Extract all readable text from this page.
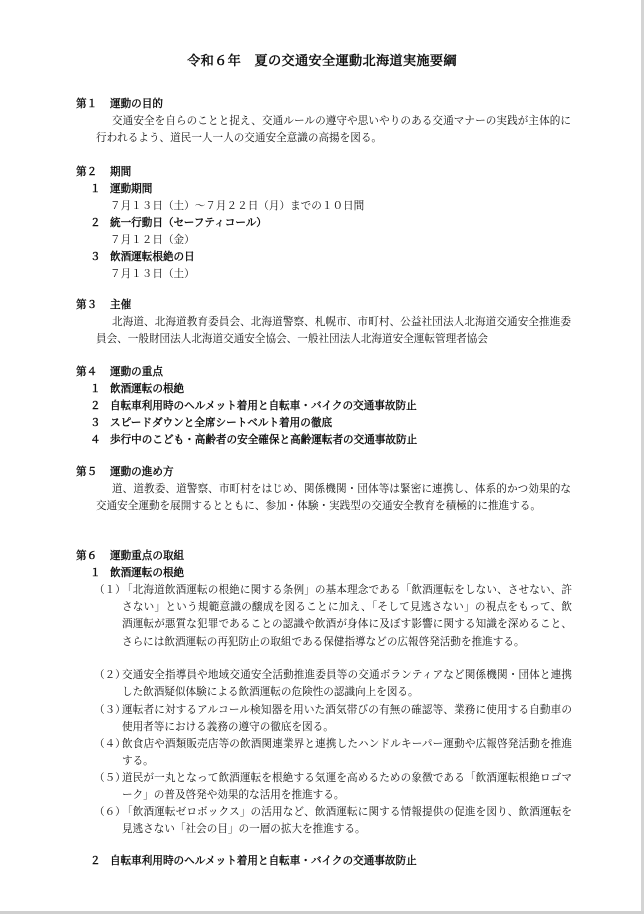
令和６年　夏の交通安全運動北海道実施要綱
第１ 運動の目的
交通安全を自らのことと捉え、交通ルールの遵守や思いやりのある交通マナーの実践が主体的に行われるよう、道民一人一人の交通安全意識の高揚を図る。
第２ 期間
１ 運動期間
７月１３日（土）～７月２２日（月）までの１０日間
２ 統一行動日（セーフティコール）
７月１２日（金）
３ 飲酒運転根絶の日
７月１３日（土）
第３ 主催
北海道、北海道教育委員会、北海道警察、札幌市、市町村、公益社団法人北海道交通安全推進委員会、一般財団法人北海道交通安全協会、一般社団法人北海道安全運転管理者協会
第４ 運動の重点
１ 飲酒運転の根絶
２ 自転車利用時のヘルメット着用と自転車・バイクの交通事故防止
３ スピードダウンと全席シートベルト着用の徹底
４ 歩行中のこども・高齢者の安全確保と高齢運転者の交通事故防止
第５ 運動の進め方
道、道教委、道警察、市町村をはじめ、関係機関・団体等は緊密に連携し、体系的かつ効果的な交通安全運動を展開するとともに、参加・体験・実践型の交通安全教育を積極的に推進する。
第６ 運動重点の取組
１ 飲酒運転の根絶
（１）
「北海道飲酒運転の根絶に関する条例」の基本理念である「飲酒運転をしない、させない、許さない」という規範意識の醸成を図ることに加え、「そして見逃さない」の視点をもって、飲酒運転が悪質な犯罪であることの認識や飲酒が身体に及ぼす影響に関する知識を深めること、さらには飲酒運転の再犯防止の取組である保健指導などの広報啓発活動を推進する。
（２）
交通安全指導員や地域交通安全活動推進委員等の交通ボランティアなど関係機関・団体と連携した飲酒疑似体験による飲酒運転の危険性の認識向上を図る。
（３）
運転者に対するアルコール検知器を用いた酒気帯びの有無の確認等、業務に使用する自動車の使用者等における義務の遵守の徹底を図る。
（４）
飲食店や酒類販売店等の飲酒関連業界と連携したハンドルキーパー運動や広報啓発活動を推進する。
（５）
道民が一丸となって飲酒運転を根絶する気運を高めるための象徴である「飲酒運転根絶ロゴマーク」の普及啓発や効果的な活用を推進する。
（６）
「飲酒運転ゼロボックス」の活用など、飲酒運転に関する情報提供の促進を図り、飲酒運転を見逃さない「社会の目」の一層の拡大を推進する。
２ 自転車利用時のヘルメット着用と自転車・バイクの交通事故防止
